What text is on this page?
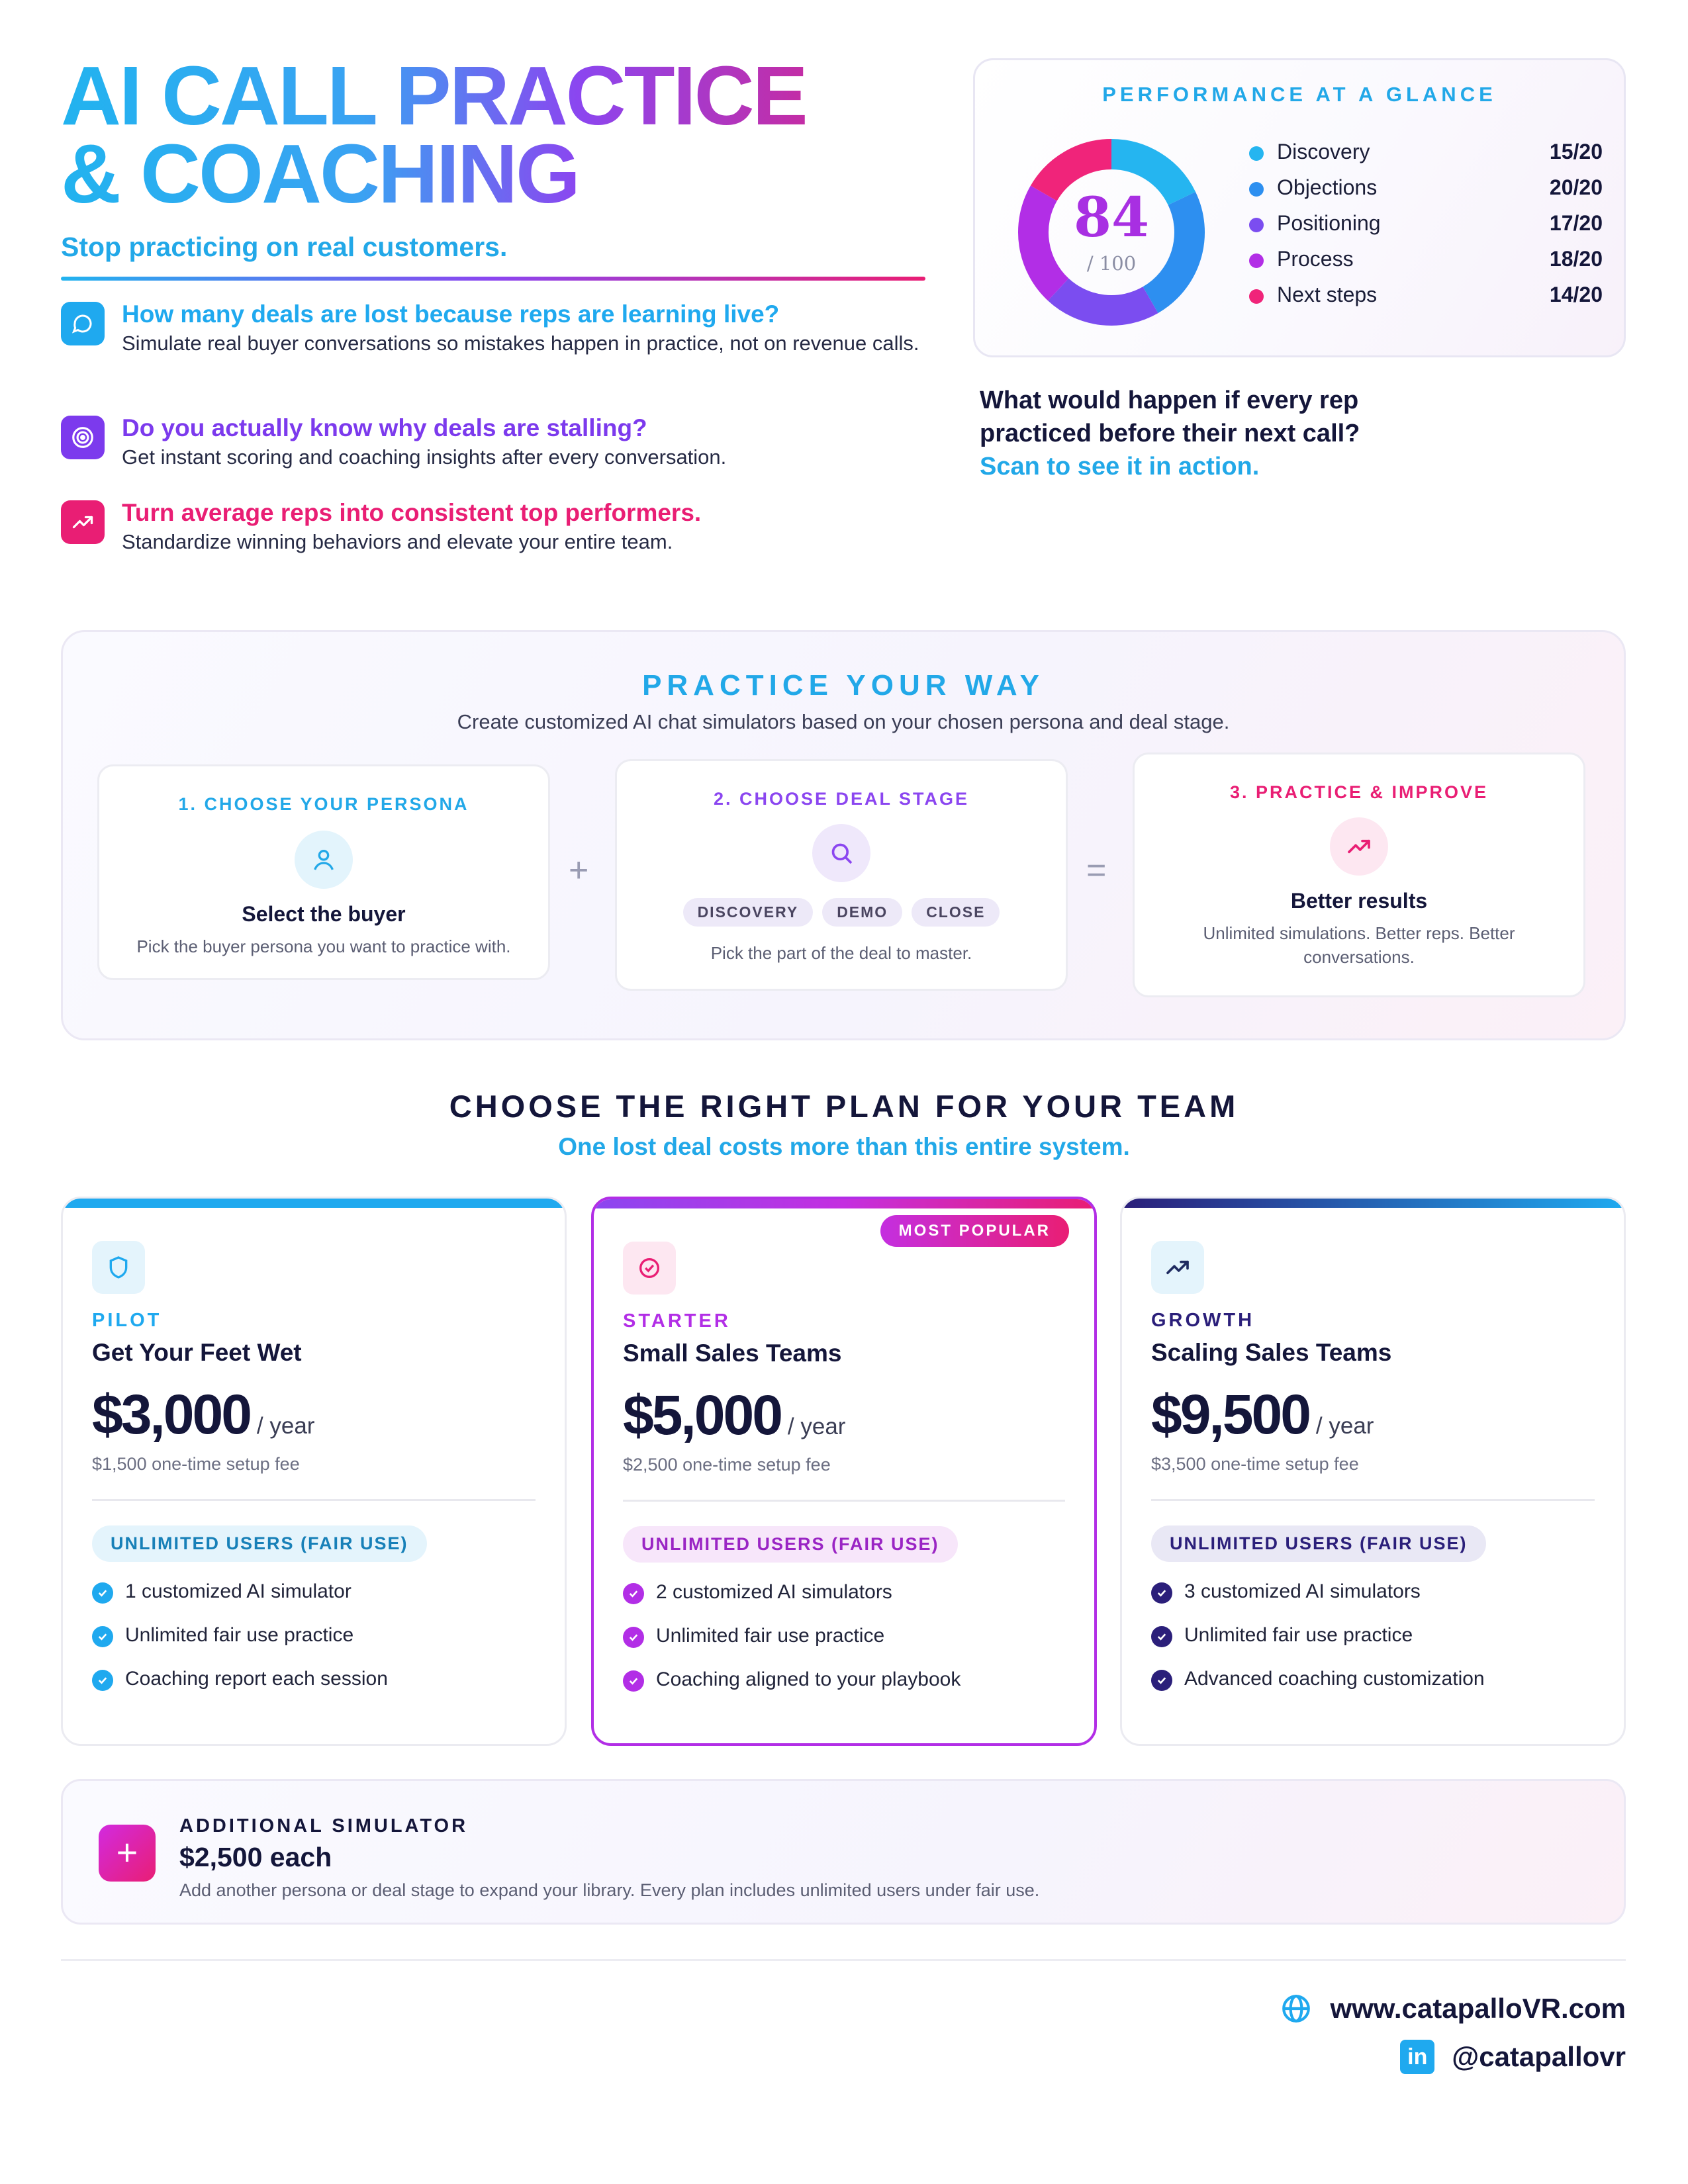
AI CALL PRACTICE
& COACHING
Stop practicing on real customers.
How many deals are lost because reps are learning live?

Simulate real buyer conversations so mistakes happen in practice, not on revenue calls.

Do you actually know why deals are stalling?

Get instant scoring and coaching insights after every conversation.

Turn average reps into consistent top performers.

Standardize winning behaviors and elevate your entire team.

PERFORMANCE AT A GLANCE
84
/ 100
Discovery	15/20
Objections	20/20
Positioning	17/20
Process	18/20
Next steps	14/20
What would happen if every rep practiced before their next call?
Scan to see it in action.
PRACTICE YOUR WAY
Create customized AI chat simulators based on your chosen persona and deal stage.
1. CHOOSE YOUR PERSONA
Select the buyer
Pick the buyer persona you want to practice with.
+
2. CHOOSE DEAL STAGE
DISCOVERY	DEMO	CLOSE
Pick the part of the deal to master.
=
3. PRACTICE & IMPROVE
Better results
Unlimited simulations. Better reps. Better conversations.
CHOOSE THE RIGHT PLAN FOR YOUR TEAM
One lost deal costs more than this entire system.
PILOT
Get Your Feet Wet
$3,000 / year
$1,500 one-time setup fee
UNLIMITED USERS (FAIR USE)
1 customized AI simulator
Unlimited fair use practice
Coaching report each session
MOST POPULAR
STARTER
Small Sales Teams
$5,000 / year
$2,500 one-time setup fee
UNLIMITED USERS (FAIR USE)
2 customized AI simulators
Unlimited fair use practice
Coaching aligned to your playbook
GROWTH
Scaling Sales Teams
$9,500 / year
$3,500 one-time setup fee
UNLIMITED USERS (FAIR USE)
3 customized AI simulators
Unlimited fair use practice
Advanced coaching customization
+
ADDITIONAL SIMULATOR
$2,500 each
Add another persona or deal stage to expand your library. Every plan includes unlimited users under fair use.
www.catapalloVR.com
in @catapallovr
